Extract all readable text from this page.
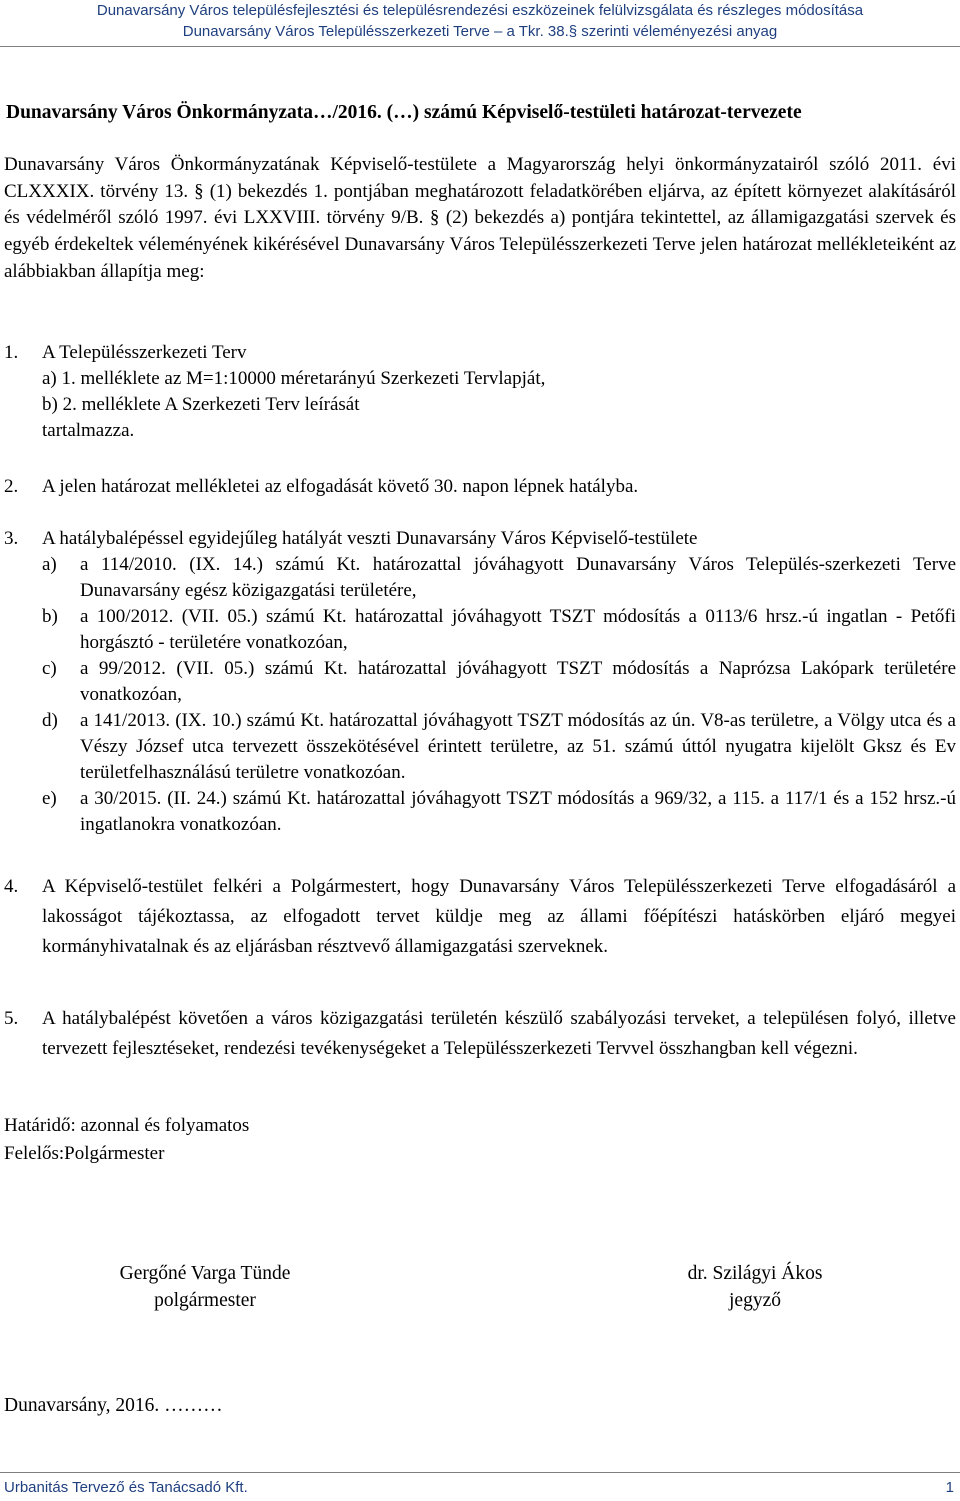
Dunavarsány Város településfejlesztési és településrendezési eszközeinek felülvizsgálata és részleges módosítása
Dunavarsány Város Településszerkezeti Terve – a Tkr. 38.§ szerinti véleményezési anyag
Dunavarsány Város Önkormányzata…/2016. (…) számú Képviselő-testületi határozat-tervezete
Dunavarsány Város Önkormányzatának Képviselő-testülete a Magyarország helyi önkormányzatairól szóló 2011. évi CLXXXIX. törvény 13. § (1) bekezdés 1. pontjában meghatározott feladatkörében eljárva, az épített környezet alakításáról és védelméről szóló 1997. évi LXXVIII. törvény 9/B. § (2) bekezdés a) pontjára tekintettel, az államigazgatási szervek és egyéb érdekeltek véleményének kikérésével Dunavarsány Város Településszerkezeti Terve jelen határozat mellékleteiként az alábbiakban állapítja meg:
1.	A Településszerkezeti Terv
a) 1. melléklete az M=1:10000 méretarányú Szerkezeti Tervlapját,
b) 2. melléklete A Szerkezeti Terv leírását
tartalmazza.
2.	A jelen határozat mellékletei az elfogadását követő 30. napon lépnek hatályba.
3.	A hatálybalépéssel egyidejűleg hatályát veszti Dunavarsány Város Képviselő-testülete
a)	a 114/2010. (IX. 14.) számú Kt. határozattal jóváhagyott Dunavarsány Város Település-szerkezeti Terve Dunavarsány egész közigazgatási területére,
b)	a 100/2012. (VII. 05.) számú Kt. határozattal jóváhagyott TSZT módosítás a 0113/6 hrsz.-ú ingatlan - Petőfi horgásztó - területére vonatkozóan,
c)	a 99/2012. (VII. 05.) számú Kt. határozattal jóváhagyott TSZT módosítás a Naprózsa Lakópark területére vonatkozóan,
d)	a 141/2013. (IX. 10.) számú Kt. határozattal jóváhagyott TSZT módosítás az ún. V8-as területre, a Völgy utca és a Vészy József utca tervezett összekötésével érintett területre, az 51. számú úttól nyugatra kijelölt Gksz és Ev területfelhasználású területre vonatkozóan.
e)	a 30/2015. (II. 24.) számú Kt. határozattal jóváhagyott TSZT módosítás a 969/32, a 115. a 117/1 és a 152 hrsz.-ú ingatlanokra vonatkozóan.
4.	A Képviselő-testület felkéri a Polgármestert, hogy Dunavarsány Város Településszerkezeti Terve elfogadásáról a lakosságot tájékoztassa, az elfogadott tervet küldje meg az állami főépítészi hatáskörben eljáró megyei kormányhivatalnak és az eljárásban résztvevő államigazgatási szerveknek.
5.	A hatálybalépést követően a város közigazgatási területén készülő szabályozási terveket, a településen folyó, illetve tervezett fejlesztéseket, rendezési tevékenységeket a Településszerkezeti Tervvel összhangban kell végezni.
Határidő: azonnal és folyamatos
Felelős:Polgármester
Gergőné Varga Tünde
polgármester
dr. Szilágyi Ákos
jegyző
Dunavarsány, 2016. ………
Urbanitás Tervező és Tanácsadó Kft.	1
